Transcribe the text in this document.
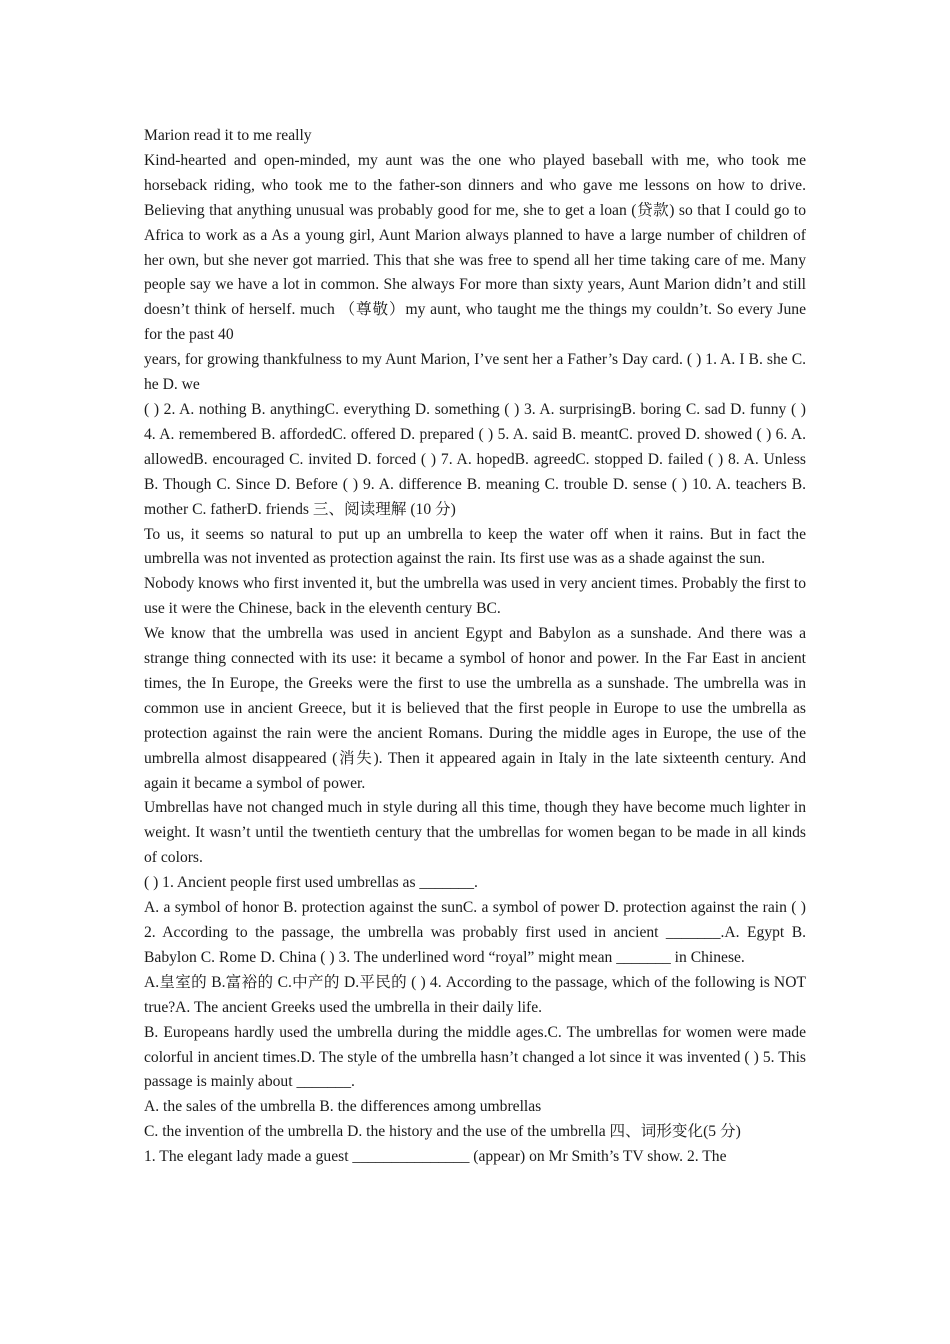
Marion read it to me really

Kind-hearted and open-minded, my aunt was the one who played baseball with me, who took me horseback riding, who took me to the father-son dinners and who gave me lessons on how to drive. Believing that anything unusual was probably good for me, she to get a loan (贷款) so that I could go to Africa to work as a As a young girl, Aunt Marion always planned to have a large number of children of her own, but she never got married. This that she was free to spend all her time taking care of me. Many people say we have a lot in common. She always For more than sixty years, Aunt Marion didn’t and still doesn’t think of herself. much （尊敬）my aunt, who taught me the things my couldn’t. So every June for the past 40

years, for growing thankfulness to my Aunt Marion, I’ve sent her a Father’s Day card. ( ) 1. A. I B. she C. he D. we

( ) 2. A. nothing B. anythingC. everything D. something ( ) 3. A. surprisingB. boring C. sad D. funny ( ) 4. A. remembered B. affordedC. offered D. prepared ( ) 5. A. said B. meantC. proved D. showed ( ) 6. A. allowedB. encouraged C. invited D. forced ( ) 7. A. hopedB. agreedC. stopped D. failed ( ) 8. A. Unless B. Though C. Since D. Before ( ) 9. A. difference B. meaning C. trouble D. sense ( ) 10. A. teachers B. mother C. fatherD. friends 三、阅读理解 (10 分)

To us, it seems so natural to put up an umbrella to keep the water off when it rains. But in fact the umbrella was not invented as protection against the rain. Its first use was as a shade against the sun.

Nobody knows who first invented it, but the umbrella was used in very ancient times. Probably the first to use it were the Chinese, back in the eleventh century BC.

We know that the umbrella was used in ancient Egypt and Babylon as a sunshade. And there was a strange thing connected with its use: it became a symbol of honor and power. In the Far East in ancient times, the In Europe, the Greeks were the first to use the umbrella as a sunshade. The umbrella was in common use in ancient Greece, but it is believed that the first people in Europe to use the umbrella as protection against the rain were the ancient Romans. During the middle ages in Europe, the use of the umbrella almost disappeared (消失). Then it appeared again in Italy in the late sixteenth century. And again it became a symbol of power.

Umbrellas have not changed much in style during all this time, though they have become much lighter in weight. It wasn’t until the twentieth century that the umbrellas for women began to be made in all kinds of colors.

( ) 1. Ancient people first used umbrellas as _______.

A. a symbol of honor B. protection against the sunC. a symbol of power D. protection against the rain ( ) 2. According to the passage, the umbrella was probably first used in ancient _______.A. Egypt B. Babylon C. Rome D. China ( ) 3. The underlined word “royal” might mean _______ in Chinese.

A.皇室的 B.富裕的 C.中产的 D.平民的 ( ) 4. According to the passage, which of the following is NOT true?A. The ancient Greeks used the umbrella in their daily life.

B. Europeans hardly used the umbrella during the middle ages.C. The umbrellas for women were made colorful in ancient times.D. The style of the umbrella hasn’t changed a lot since it was invented ( ) 5. This passage is mainly about _______.

A. the sales of the umbrella B. the differences among umbrellas

C. the invention of the umbrella D. the history and the use of the umbrella 四、词形变化(5 分)

1. The elegant lady made a guest _______________ (appear) on Mr Smith’s TV show. 2. The
